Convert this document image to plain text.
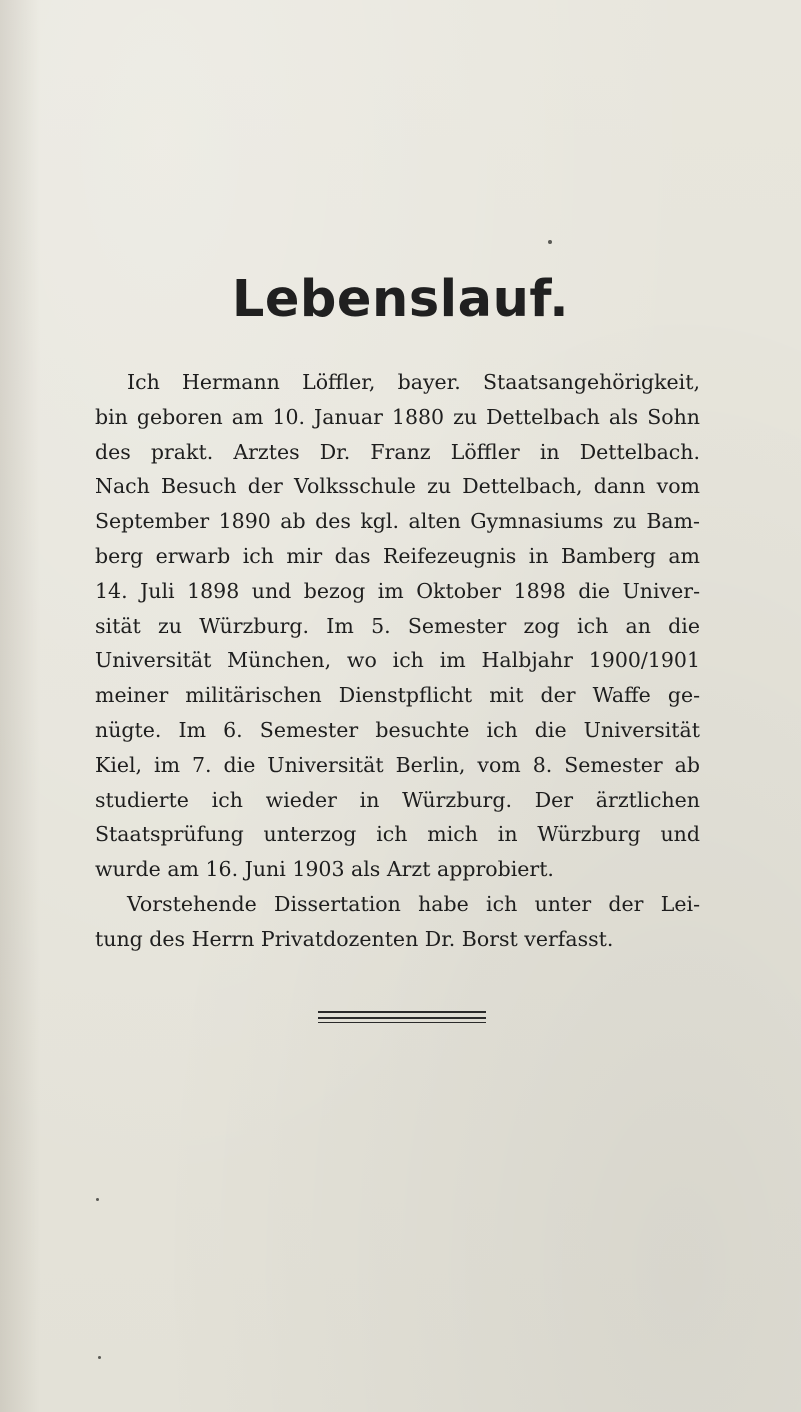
Lebenslauf.
Ich Hermann Löffler, bayer. Staatsangehörigkeit,
bin geboren am 10. Januar 1880 zu Dettelbach als Sohn
des prakt. Arztes Dr. Franz Löffler in Dettelbach.
Nach Besuch der Volksschule zu Dettelbach, dann vom
September 1890 ab des kgl. alten Gymnasiums zu Bam-
berg erwarb ich mir das Reifezeugnis in Bamberg am
14. Juli 1898 und bezog im Oktober 1898 die Univer-
sität zu Würzburg. Im 5. Semester zog ich an die
Universität München, wo ich im Halbjahr 1900/1901
meiner militärischen Dienstpflicht mit der Waffe ge-
nügte. Im 6. Semester besuchte ich die Universität
Kiel, im 7. die Universität Berlin, vom 8. Semester ab
studierte ich wieder in Würzburg. Der ärztlichen
Staatsprüfung unterzog ich mich in Würzburg und
wurde am 16. Juni 1903 als Arzt approbiert.
Vorstehende Dissertation habe ich unter der Lei-
tung des Herrn Privatdozenten Dr. Borst verfasst.
